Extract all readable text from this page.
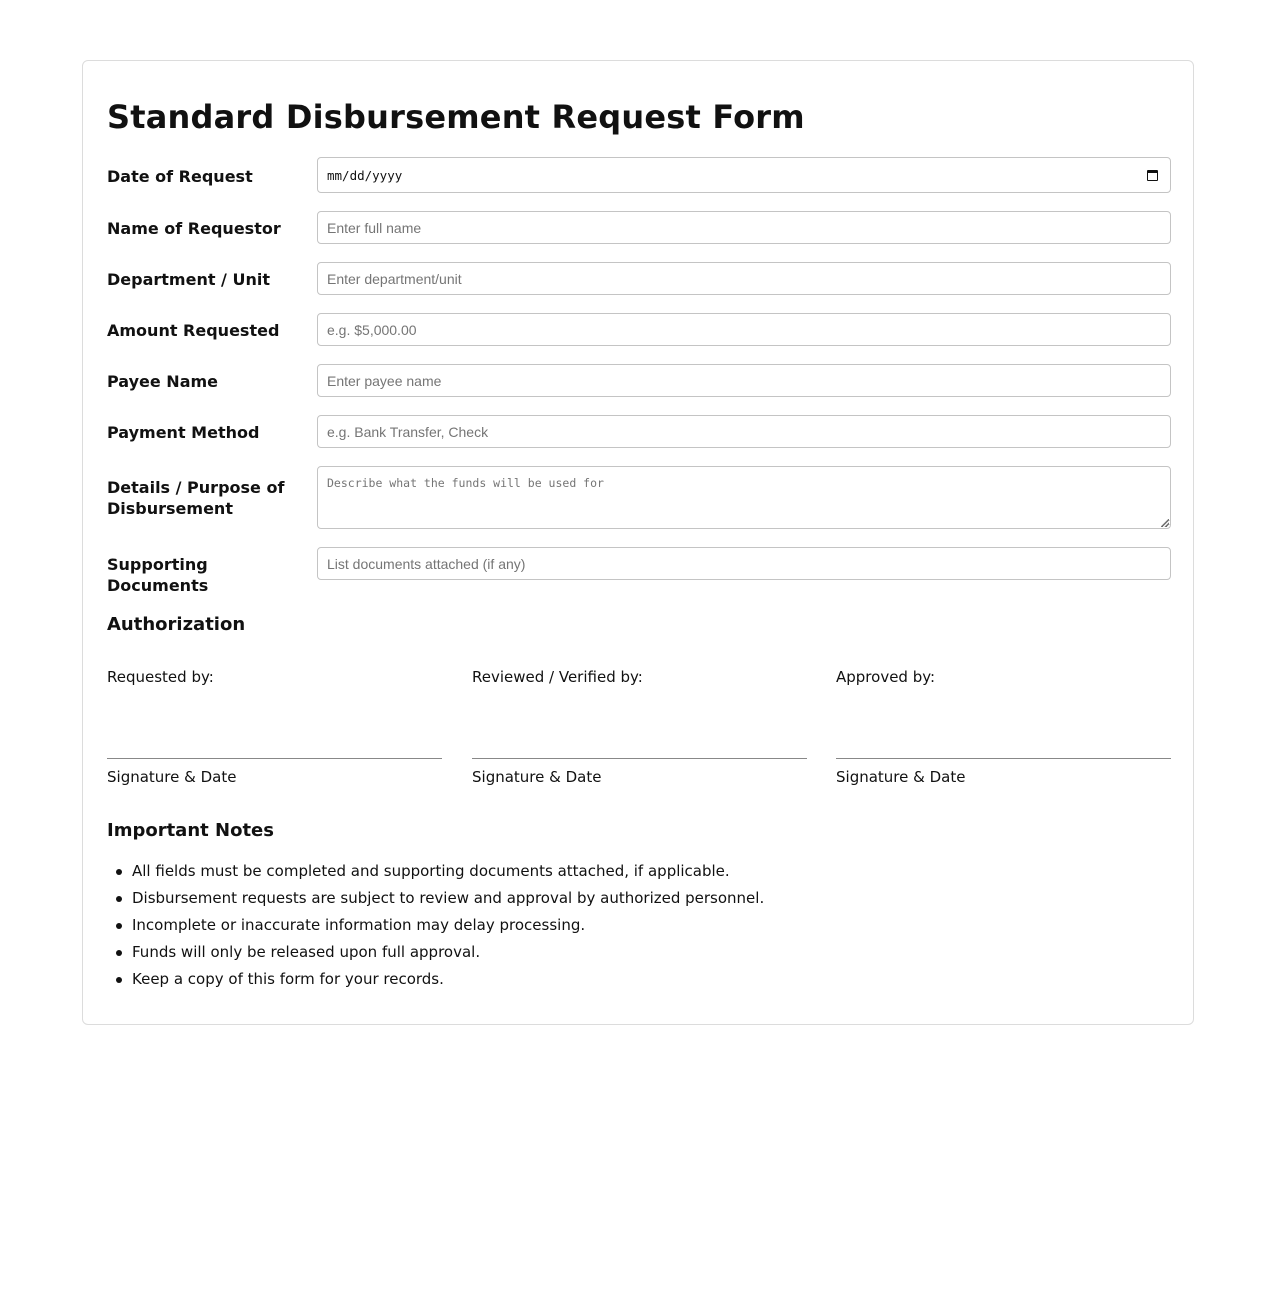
Standard Disbursement Request Form
Date of Request	mm/dd/yyyy
Name of Requestor
Enter full name
Department / Unit
Enter department/unit
Amount Requested
e.g. $5,000.00
Payee Name
Enter payee name
Payment Method
e.g. Bank Transfer, Check
Details / Purpose of Disbursement
Describe what the funds will be used for
Supporting Documents
List documents attached (if any)
Authorization
Requested by:
Signature & Date
Reviewed / Verified by:
Signature & Date
Approved by:
Signature & Date
Important Notes
All fields must be completed and supporting documents attached, if applicable.
Disbursement requests are subject to review and approval by authorized personnel.
Incomplete or inaccurate information may delay processing.
Funds will only be released upon full approval.
Keep a copy of this form for your records.
